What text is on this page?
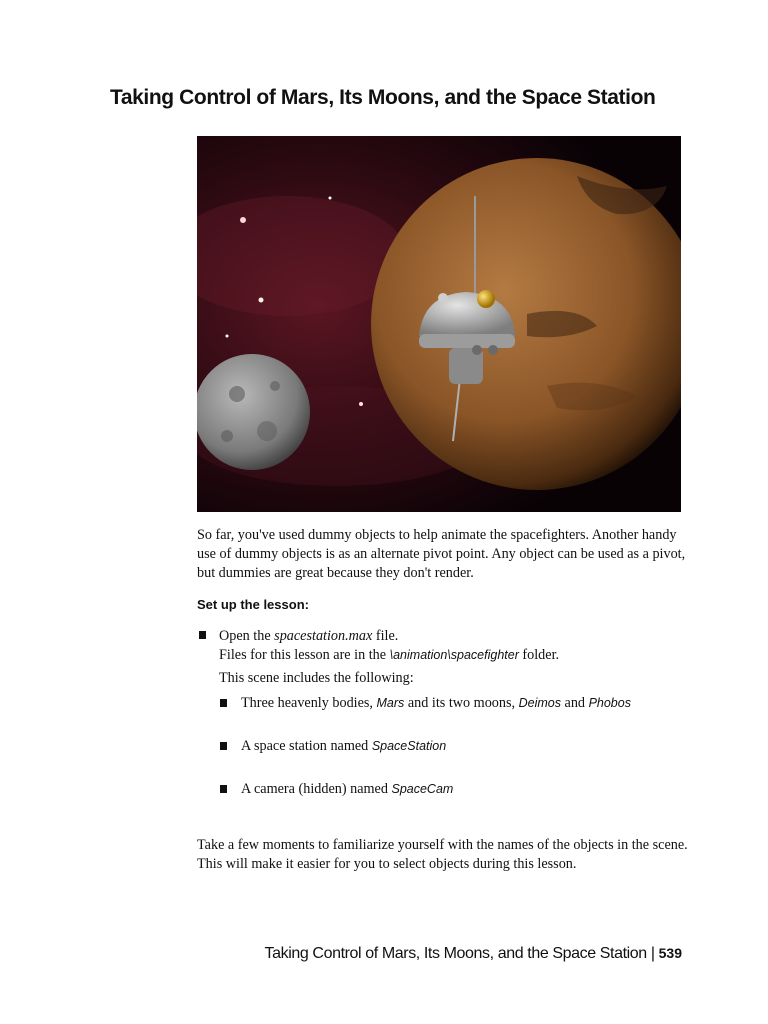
Taking Control of Mars, Its Moons, and the Space Station
So far, you've used dummy objects to help animate the spacefighters. Another handy use of dummy objects is as an alternate pivot point. Any object can be used as a pivot, but dummies are great because they don't render.
Set up the lesson:
Open the spacestation.max file.
Files for this lesson are in the \animation\spacefighter folder.
This scene includes the following:
Three heavenly bodies, Mars and its two moons, Deimos and Phobos
A space station named SpaceStation
A camera (hidden) named SpaceCam
Take a few moments to familiarize yourself with the names of the objects in the scene. This will make it easier for you to select objects during this lesson.
Taking Control of Mars, Its Moons, and the Space Station | 539
